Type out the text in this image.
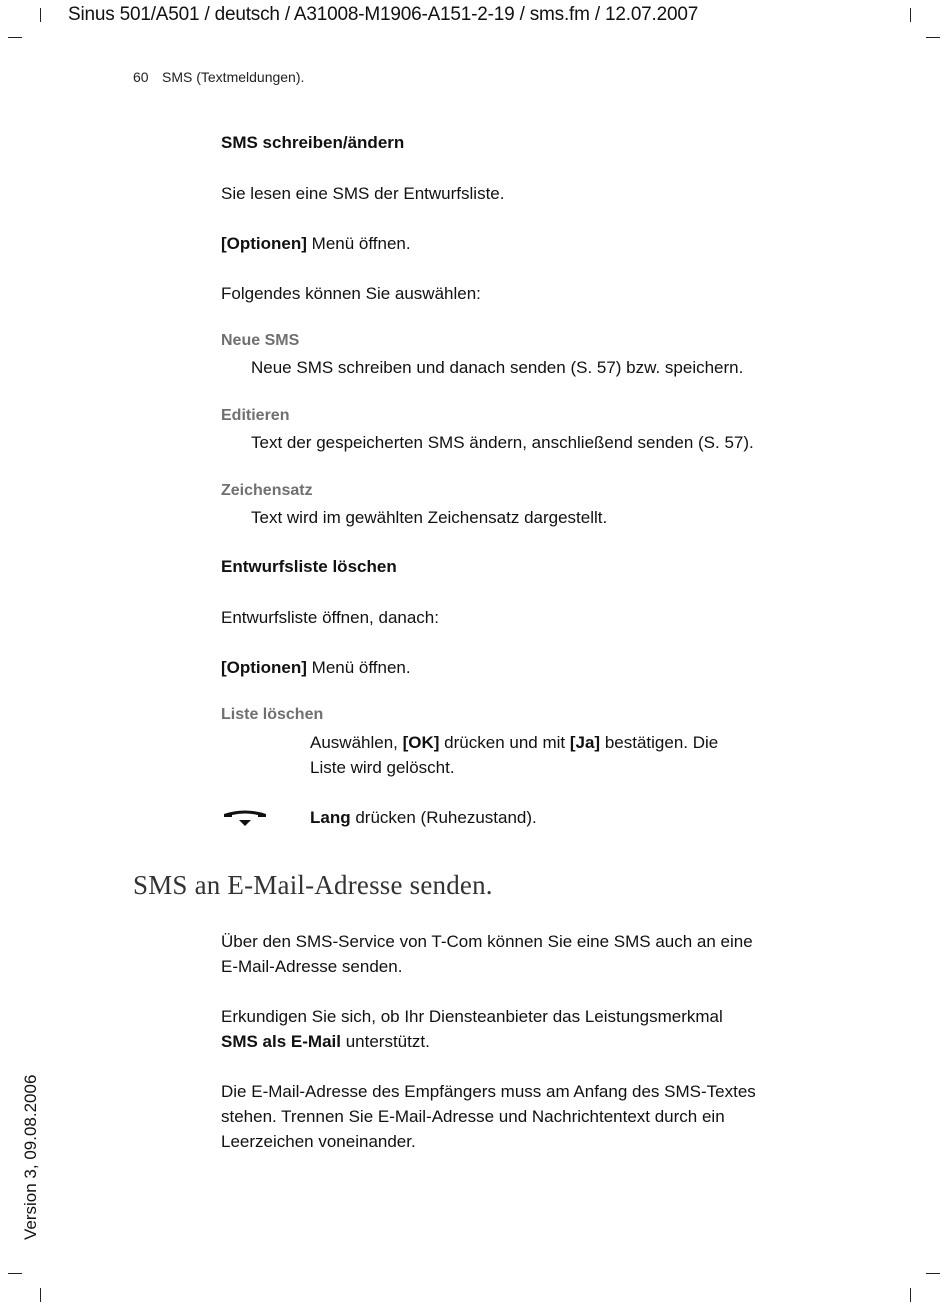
Sinus 501/A501 / deutsch / A31008-M1906-A151-2-19 / sms.fm / 12.07.2007
60 SMS (Textmeldungen).
SMS schreiben/ändern
Sie lesen eine SMS der Entwurfsliste.
[Optionen] Menü öffnen.
Folgendes können Sie auswählen:
Neue SMS
Neue SMS schreiben und danach senden (S. 57) bzw. speichern.
Editieren
Text der gespeicherten SMS ändern, anschließend senden (S. 57).
Zeichensatz
Text wird im gewählten Zeichensatz dargestellt.
Entwurfsliste löschen
Entwurfsliste öffnen, danach:
[Optionen] Menü öffnen.
Liste löschen
Auswählen, [OK] drücken und mit [Ja] bestätigen. Die
Liste wird gelöscht.
Lang drücken (Ruhezustand).
SMS an E-Mail-Adresse senden.
Über den SMS-Service von T-Com können Sie eine SMS auch an eine
E-Mail-Adresse senden.
Erkundigen Sie sich, ob Ihr Diensteanbieter das Leistungsmerkmal
SMS als E-Mail unterstützt.
Die E-Mail-Adresse des Empfängers muss am Anfang des SMS-Textes
stehen. Trennen Sie E-Mail-Adresse und Nachrichtentext durch ein
Leerzeichen voneinander.
Version 3, 09.08.2006
